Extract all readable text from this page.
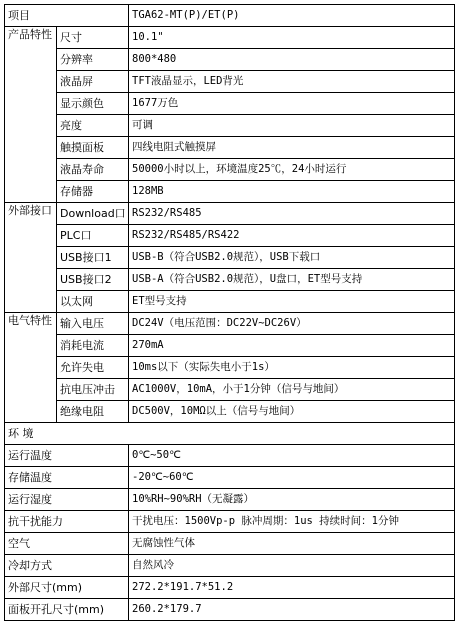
项目		TGA62-MT(P)/ET(P)
产品特性	尺寸	10.1"
	分辨率	800*480
	液晶屏	TFT液晶显示，LED背光
	显示颜色	1677万色
	亮度	可调
	触摸面板	四线电阻式触摸屏
	液晶寿命	50000小时以上，环境温度25℃，24小时运行
	存储器	128MB
外部接口	Download口	RS232/RS485
	PLC口	RS232/RS485/RS422
	USB接口1	USB-B（符合USB2.0规范），USB下载口
	USB接口2	USB-A（符合USB2.0规范），U盘口，ET型号支持
	以太网	ET型号支持
电气特性	输入电压	DC24V（电压范围：DC22V~DC26V）
	消耗电流	270mA
	允许失电	10ms以下（实际失电小于1s）
	抗电压冲击	AC1000V，10mA，小于1分钟（信号与地间）
	绝缘电阻	DC500V，10MΩ以上（信号与地间）
环 境		
运行温度		0℃~50℃
存储温度		-20℃~60℃
运行湿度		10%RH~90%RH（无凝露）
抗干扰能力		干扰电压：1500Vp-p 脉冲周期：1us 持续时间：1分钟
空气		无腐蚀性气体
冷却方式		自然风冷
外部尺寸(mm)		272.2*191.7*51.2
面板开孔尺寸(mm)		260.2*179.7
